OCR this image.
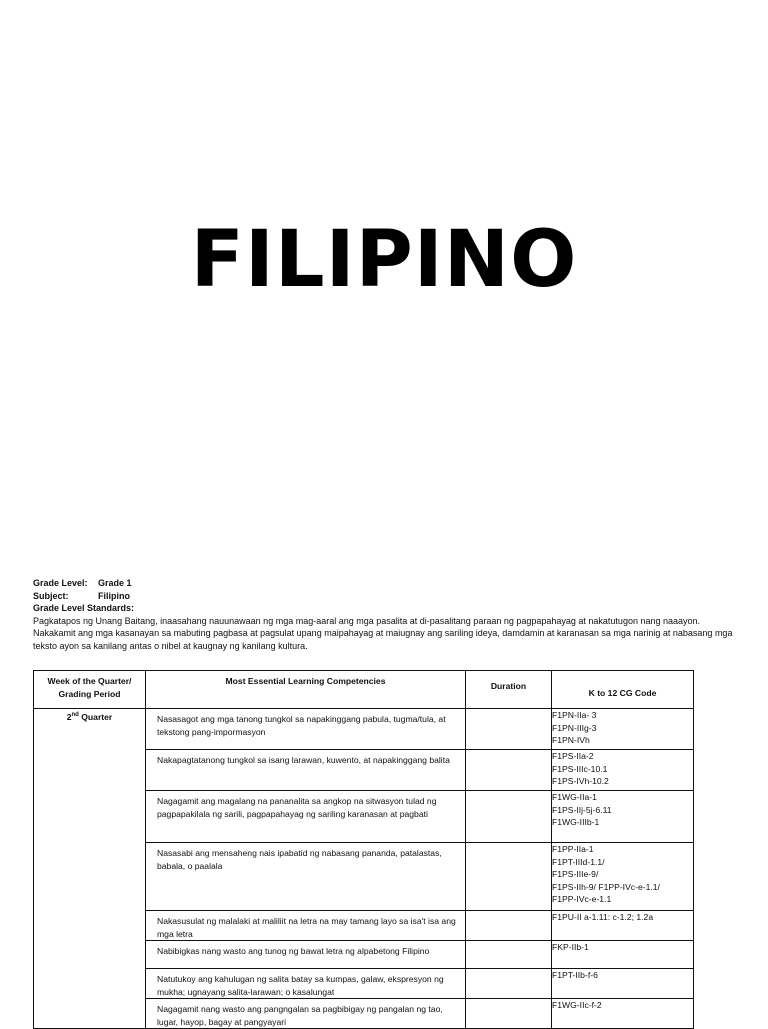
FILIPINO
Grade Level:	Grade 1
Subject:	Filipino
Grade Level Standards:
Pagkatapos ng Unang Baitang, inaasahang nauunawaan ng mga mag-aaral ang mga pasalita at di-pasalitang paraan ng pagpapahayag at nakatutugon nang naaayon. Nakakamit ang mga kasanayan sa mabuting pagbasa at pagsulat upang maipahayag at maiugnay ang sariling ideya, damdamin at karanasan sa mga narinig at nabasang mga teksto ayon sa kanilang antas o nibel at kaugnay ng kanilang kultura.
Week of the Quarter/ Grading Period	Most Essential Learning Competencies	Duration	K to 12 CG Code
2nd Quarter	Nasasagot ang mga tanong tungkol sa napakinggang pabula, tugma/tula, at tekstong pang-impormasyon		F1PN-IIa- 3
F1PN-IIIg-3
F1PN-IVh

	Nakapagtatanong tungkol sa isang larawan, kuwento, at napakinggang balita		F1PS-IIa-2
F1PS-IIIc-10.1
F1PS-IVh-10.2

	Nagagamit ang magalang na pananalita sa angkop na sitwasyon tulad ng pagpapakilala ng sarili, pagpapahayag ng sariling karanasan at pagbati		F1WG-IIa-1
F1PS-IIj-5j-6.11
F1WG-IIIb-1

	Nasasabi ang mensaheng nais ipabatid ng nabasang pananda, patalastas, babala, o paalala		F1PP-IIa-1
F1PT-IIId-1.1/
F1PS-IIIe-9/
F1PS-IIh-9/ F1PP-IVc-e-1.1/
F1PP-IVc-e-1.1

	Nakasusulat ng malalaki at maliliit na letra na may tamang layo sa isa't isa ang mga letra		F1PU-II a-1.11: c-1.2; 1.2a

	Nabibigkas nang wasto ang tunog ng bawat letra ng alpabetong Filipino		FKP-IIb-1

	Natutukoy ang kahulugan ng salita batay sa kumpas, galaw, ekspresyon ng mukha; ugnayang salita-larawan; o kasalungat		F1PT-IIb-f-6

	Nagagamit nang wasto ang pangngalan sa pagbibigay ng pangalan ng tao, lugar, hayop, bagay at pangyayari		F1WG-IIc-f-2
